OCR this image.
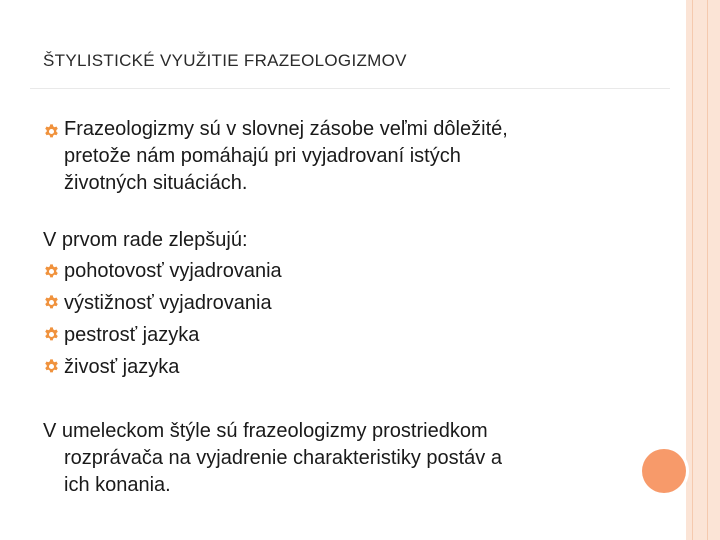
ŠTYLISTICKÉ VYUŽITIE FRAZEOLOGIZMOV
Frazeologizmy sú v slovnej zásobe veľmi dôležité,
pretože nám pomáhajú pri vyjadrovaní istých
životných situáciách.
V prvom rade zlepšujú:
pohotovosť vyjadrovania
výstižnosť vyjadrovania
pestrosť jazyka
živosť jazyka
V umeleckom štýle sú frazeologizmy prostriedkom
rozprávača na vyjadrenie charakteristiky postáv a
ich konania.
